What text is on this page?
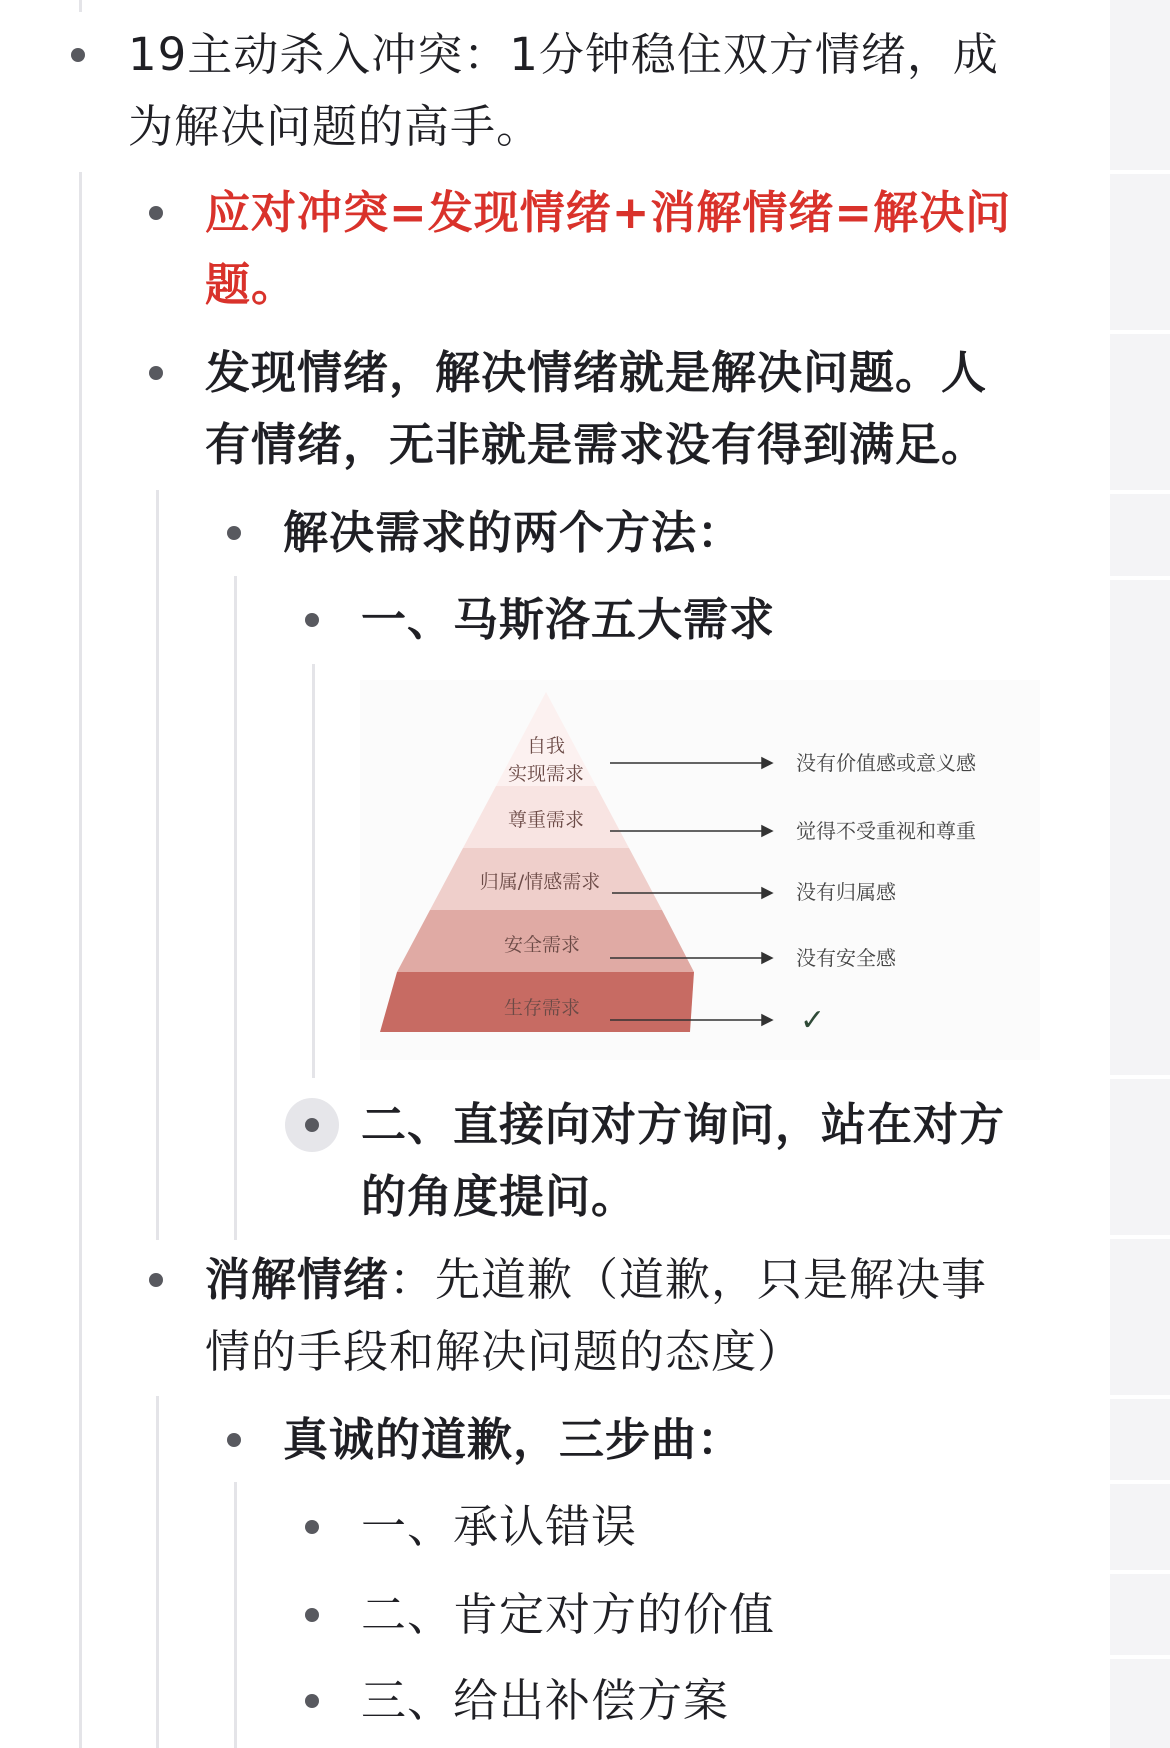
19主动杀入冲突：1分钟稳住双方情绪，成
为解决问题的高手。
应对冲突=发现情绪+消解情绪=解决问
题。
发现情绪，解决情绪就是解决问题。人
有情绪，无非就是需求没有得到满足。
解决需求的两个方法：
一、马斯洛五大需求
自我
实现需求
尊重需求
归属/情感需求
安全需求
生存需求
没有价值感或意义感
觉得不受重视和尊重
没有归属感
没有安全感
✓
二、直接向对方询问，站在对方
的角度提问。
消解情绪：先道歉（道歉，只是解决事
情的手段和解决问题的态度）
真诚的道歉，三步曲：
一、承认错误
二、肯定对方的价值
三、给出补偿方案
